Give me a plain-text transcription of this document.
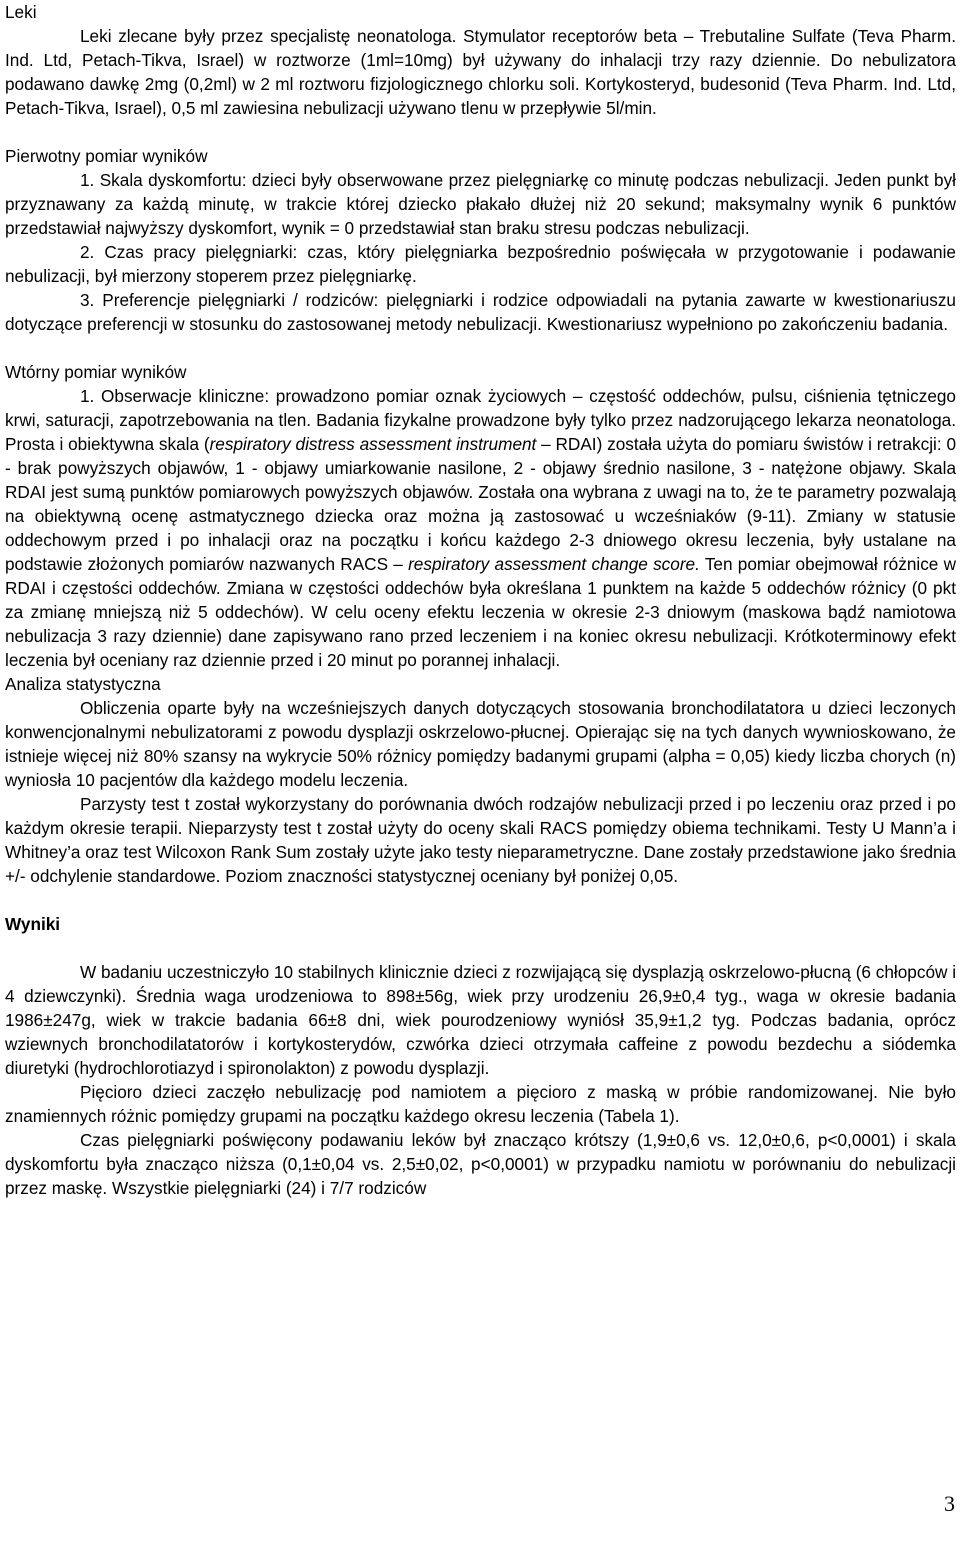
Leki

Leki zlecane były przez specjalistę neonatologa. Stymulator receptorów beta – Trebutaline Sulfate (Teva Pharm. Ind. Ltd, Petach-Tikva, Israel) w roztworze (1ml=10mg) był używany do inhalacji trzy razy dziennie. Do nebulizatora podawano dawkę 2mg (0,2ml) w 2 ml roztworu fizjologicznego chlorku soli. Kortykosteryd, budesonid (Teva Pharm. Ind. Ltd, Petach-Tikva, Israel), 0,5 ml zawiesina nebulizacji używano tlenu w przepływie 5l/min.

Pierwotny pomiar wyników

1. Skala dyskomfortu: dzieci były obserwowane przez pielęgniarkę co minutę podczas nebulizacji. Jeden punkt był przyznawany za każdą minutę, w trakcie której dziecko płakało dłużej niż 20 sekund; maksymalny wynik 6 punktów przedstawiał najwyższy dyskomfort, wynik = 0 przedstawiał stan braku stresu podczas nebulizacji.

2. Czas pracy pielęgniarki: czas, który pielęgniarka bezpośrednio poświęcała w przygotowanie i podawanie nebulizacji, był mierzony stoperem przez pielęgniarkę.

3. Preferencje pielęgniarki / rodziców: pielęgniarki i rodzice odpowiadali na pytania zawarte w kwestionariuszu dotyczące preferencji w stosunku do zastosowanej metody nebulizacji. Kwestionariusz wypełniono po zakończeniu badania.

Wtórny pomiar wyników

1. Obserwacje kliniczne: prowadzono pomiar oznak życiowych – częstość oddechów, pulsu, ciśnienia tętniczego krwi, saturacji, zapotrzebowania na tlen. Badania fizykalne prowadzone były tylko przez nadzorującego lekarza neonatologa. Prosta i obiektywna skala (respiratory distress assessment instrument – RDAI) została użyta do pomiaru świstów i retrakcji: 0 - brak powyższych objawów, 1 - objawy umiarkowanie nasilone, 2 - objawy średnio nasilone, 3 - natężone objawy. Skala RDAI jest sumą punktów pomiarowych powyższych objawów. Została ona wybrana z uwagi na to, że te parametry pozwalają na obiektywną ocenę astmatycznego dziecka oraz można ją zastosować u wcześniaków (9-11). Zmiany w statusie oddechowym przed i po inhalacji oraz na początku i końcu każdego 2-3 dniowego okresu leczenia, były ustalane na podstawie złożonych pomiarów nazwanych RACS – respiratory assessment change score. Ten pomiar obejmował różnice w RDAI i częstości oddechów. Zmiana w częstości oddechów była określana 1 punktem na każde 5 oddechów różnicy (0 pkt za zmianę mniejszą niż 5 oddechów). W celu oceny efektu leczenia w okresie 2-3 dniowym (maskowa bądź namiotowa nebulizacja 3 razy dziennie) dane zapisywano rano przed leczeniem i na koniec okresu nebulizacji. Krótkoterminowy efekt leczenia był oceniany raz dziennie przed i 20 minut po porannej inhalacji.

Analiza statystyczna

Obliczenia oparte były na wcześniejszych danych dotyczących stosowania bronchodilatatora u dzieci leczonych konwencjonalnymi nebulizatorami z powodu dysplazji oskrzelowo-płucnej. Opierając się na tych danych wywnioskowano, że istnieje więcej niż 80% szansy na wykrycie 50% różnicy pomiędzy badanymi grupami (alpha = 0,05) kiedy liczba chorych (n) wyniosła 10 pacjentów dla każdego modelu leczenia.

Parzysty test t został wykorzystany do porównania dwóch rodzajów nebulizacji przed i po leczeniu oraz przed i po każdym okresie terapii. Nieparzysty test t został użyty do oceny skali RACS pomiędzy obiema technikami. Testy U Mann’a i Whitney’a oraz test Wilcoxon Rank Sum zostały użyte jako testy nieparametryczne. Dane zostały przedstawione jako średnia +/- odchylenie standardowe. Poziom znaczności statystycznej oceniany był poniżej 0,05.

Wyniki

W badaniu uczestniczyło 10 stabilnych klinicznie dzieci z rozwijającą się dysplazją oskrzelowo-płucną (6 chłopców i 4 dziewczynki). Średnia waga urodzeniowa to 898±56g, wiek przy urodzeniu 26,9±0,4 tyg., waga w okresie badania 1986±247g, wiek w trakcie badania 66±8 dni, wiek pourodzeniowy wyniósł 35,9±1,2 tyg. Podczas badania, oprócz wziewnych bronchodilatatorów i kortykosterydów, czwórka dzieci otrzymała caffeine z powodu bezdechu a siódemka diuretyki (hydrochlorotiazyd i spironolakton) z powodu dysplazji.

Pięcioro dzieci zaczęło nebulizację pod namiotem a pięcioro z maską w próbie randomizowanej. Nie było znamiennych różnic pomiędzy grupami na początku każdego okresu leczenia (Tabela 1).

Czas pielęgniarki poświęcony podawaniu leków był znacząco krótszy (1,9±0,6 vs. 12,0±0,6, p<0,0001) i skala dyskomfortu była znacząco niższa (0,1±0,04 vs. 2,5±0,02, p<0,0001) w przypadku namiotu w porównaniu do nebulizacji przez maskę. Wszystkie pielęgniarki (24) i 7/7 rodziców

3
